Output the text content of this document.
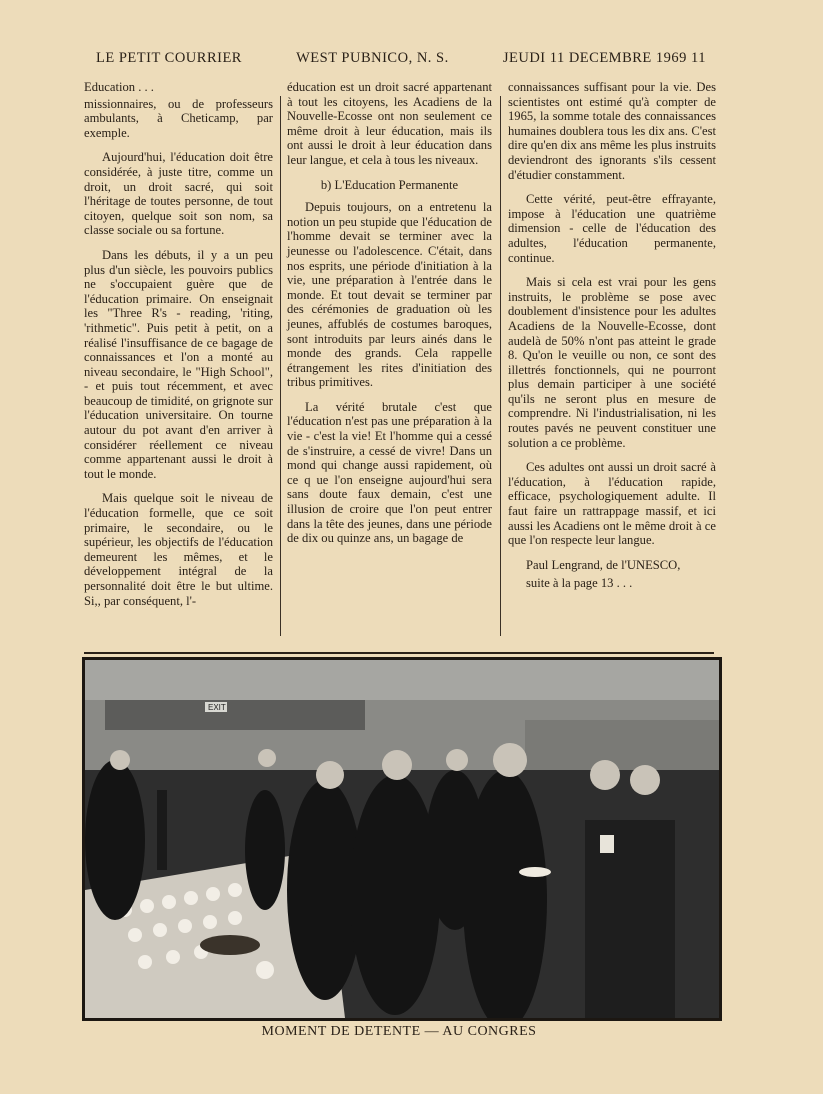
LE PETIT COURRIER	WEST PUBNICO, N. S.	JEUDI 11 DECEMBRE 1969 11

Education . . .

missionnaires, ou de professeurs ambulants, à Cheticamp, par exemple.

Aujourd'hui, l'éducation doit être considérée, à juste titre, comme un droit, un droit sacré, qui soit l'héritage de toutes personne, de tout citoyen, quelque soit son nom, sa classe sociale ou sa fortune.

Dans les débuts, il y a un peu plus d'un siècle, les pouvoirs publics ne s'occupaient guère que de l'éducation primaire. On enseignait les "Three R's - reading, 'riting, 'rithmetic". Puis petit à petit, on a réalisé l'insuffisance de ce bagage de connaissances et l'on a monté au niveau secondaire, le "High School", - et puis tout récemment, et avec beaucoup de timidité, on grignote sur l'éducation universitaire. On tourne autour du pot avant d'en arriver à considérer réellement ce niveau comme appartenant aussi le droit à tout le monde.

Mais quelque soit le niveau de l'éducation formelle, que ce soit primaire, le secondaire, ou le supérieur, les objectifs de l'éducation demeurent les mêmes, et le développement intégral de la personnalité doit être le but ultime. Si,, par conséquent, l'-

éducation est un droit sacré appartenant à tout les citoyens, les Acadiens de la Nouvelle-Ecosse ont non seulement ce même droit à leur éducation, mais ils ont aussi le droit à leur éducation dans leur langue, et cela à tous les niveaux.

b) L'Education Permanente

Depuis toujours, on a entretenu la notion un peu stupide que l'éducation de l'homme devait se terminer avec la jeunesse ou l'adolescence. C'était, dans nos esprits, une période d'initiation à la vie, une préparation à l'entrée dans le monde. Et tout devait se terminer par des cérémonies de graduation où les jeunes, affublés de costumes baroques, sont introduits par leurs ainés dans le monde des grands. Cela rappelle étrangement les rites d'initiation des tribus primitives.

La vérité brutale c'est que l'éducation n'est pas une préparation à la vie - c'est la vie! Et l'homme qui a cessé de s'instruire, a cessé de vivre! Dans un mond qui change aussi rapidement, où ce q ue l'on enseigne aujourd'hui sera sans doute faux demain, c'est une illusion de croire que l'on peut entrer dans la tête des jeunes, dans une période de dix ou quinze ans, un bagage de

connaissances suffisant pour la vie. Des scientistes ont estimé qu'à compter de 1965, la somme totale des connaissances humaines doublera tous les dix ans. C'est dire qu'en dix ans même les plus instruits deviendront des ignorants s'ils cessent d'étudier constamment.

Cette vérité, peut-être effrayante, impose à l'éducation une quatrième dimension - celle de l'éducation des adultes, l'éducation permanente, continue.

Mais si cela est vrai pour les gens instruits, le problème se pose avec doublement d'insistence pour les adultes Acadiens de la Nouvelle-Ecosse, dont audelà de 50% n'ont pas atteint le grade 8. Qu'on le veuille ou non, ce sont des illettrés fonctionnels, qui ne pourront plus demain participer à une société qu'ils ne seront plus en mesure de comprendre. Ni l'industrialisation, ni les routes pavés ne peuvent constituer une solution a ce problème.

Ces adultes ont aussi un droit sacré à l'éducation, à l'éducation rapide, efficace, psychologiquement adulte. Il faut faire un rattrappage massif, et ici aussi les Acadiens ont le même droit à ce que l'on respecte leur langue.

Paul Lengrand, de l'UNESCO,

suite à la page 13 . . .

EXIT
MOMENT DE DETENTE — AU CONGRES
